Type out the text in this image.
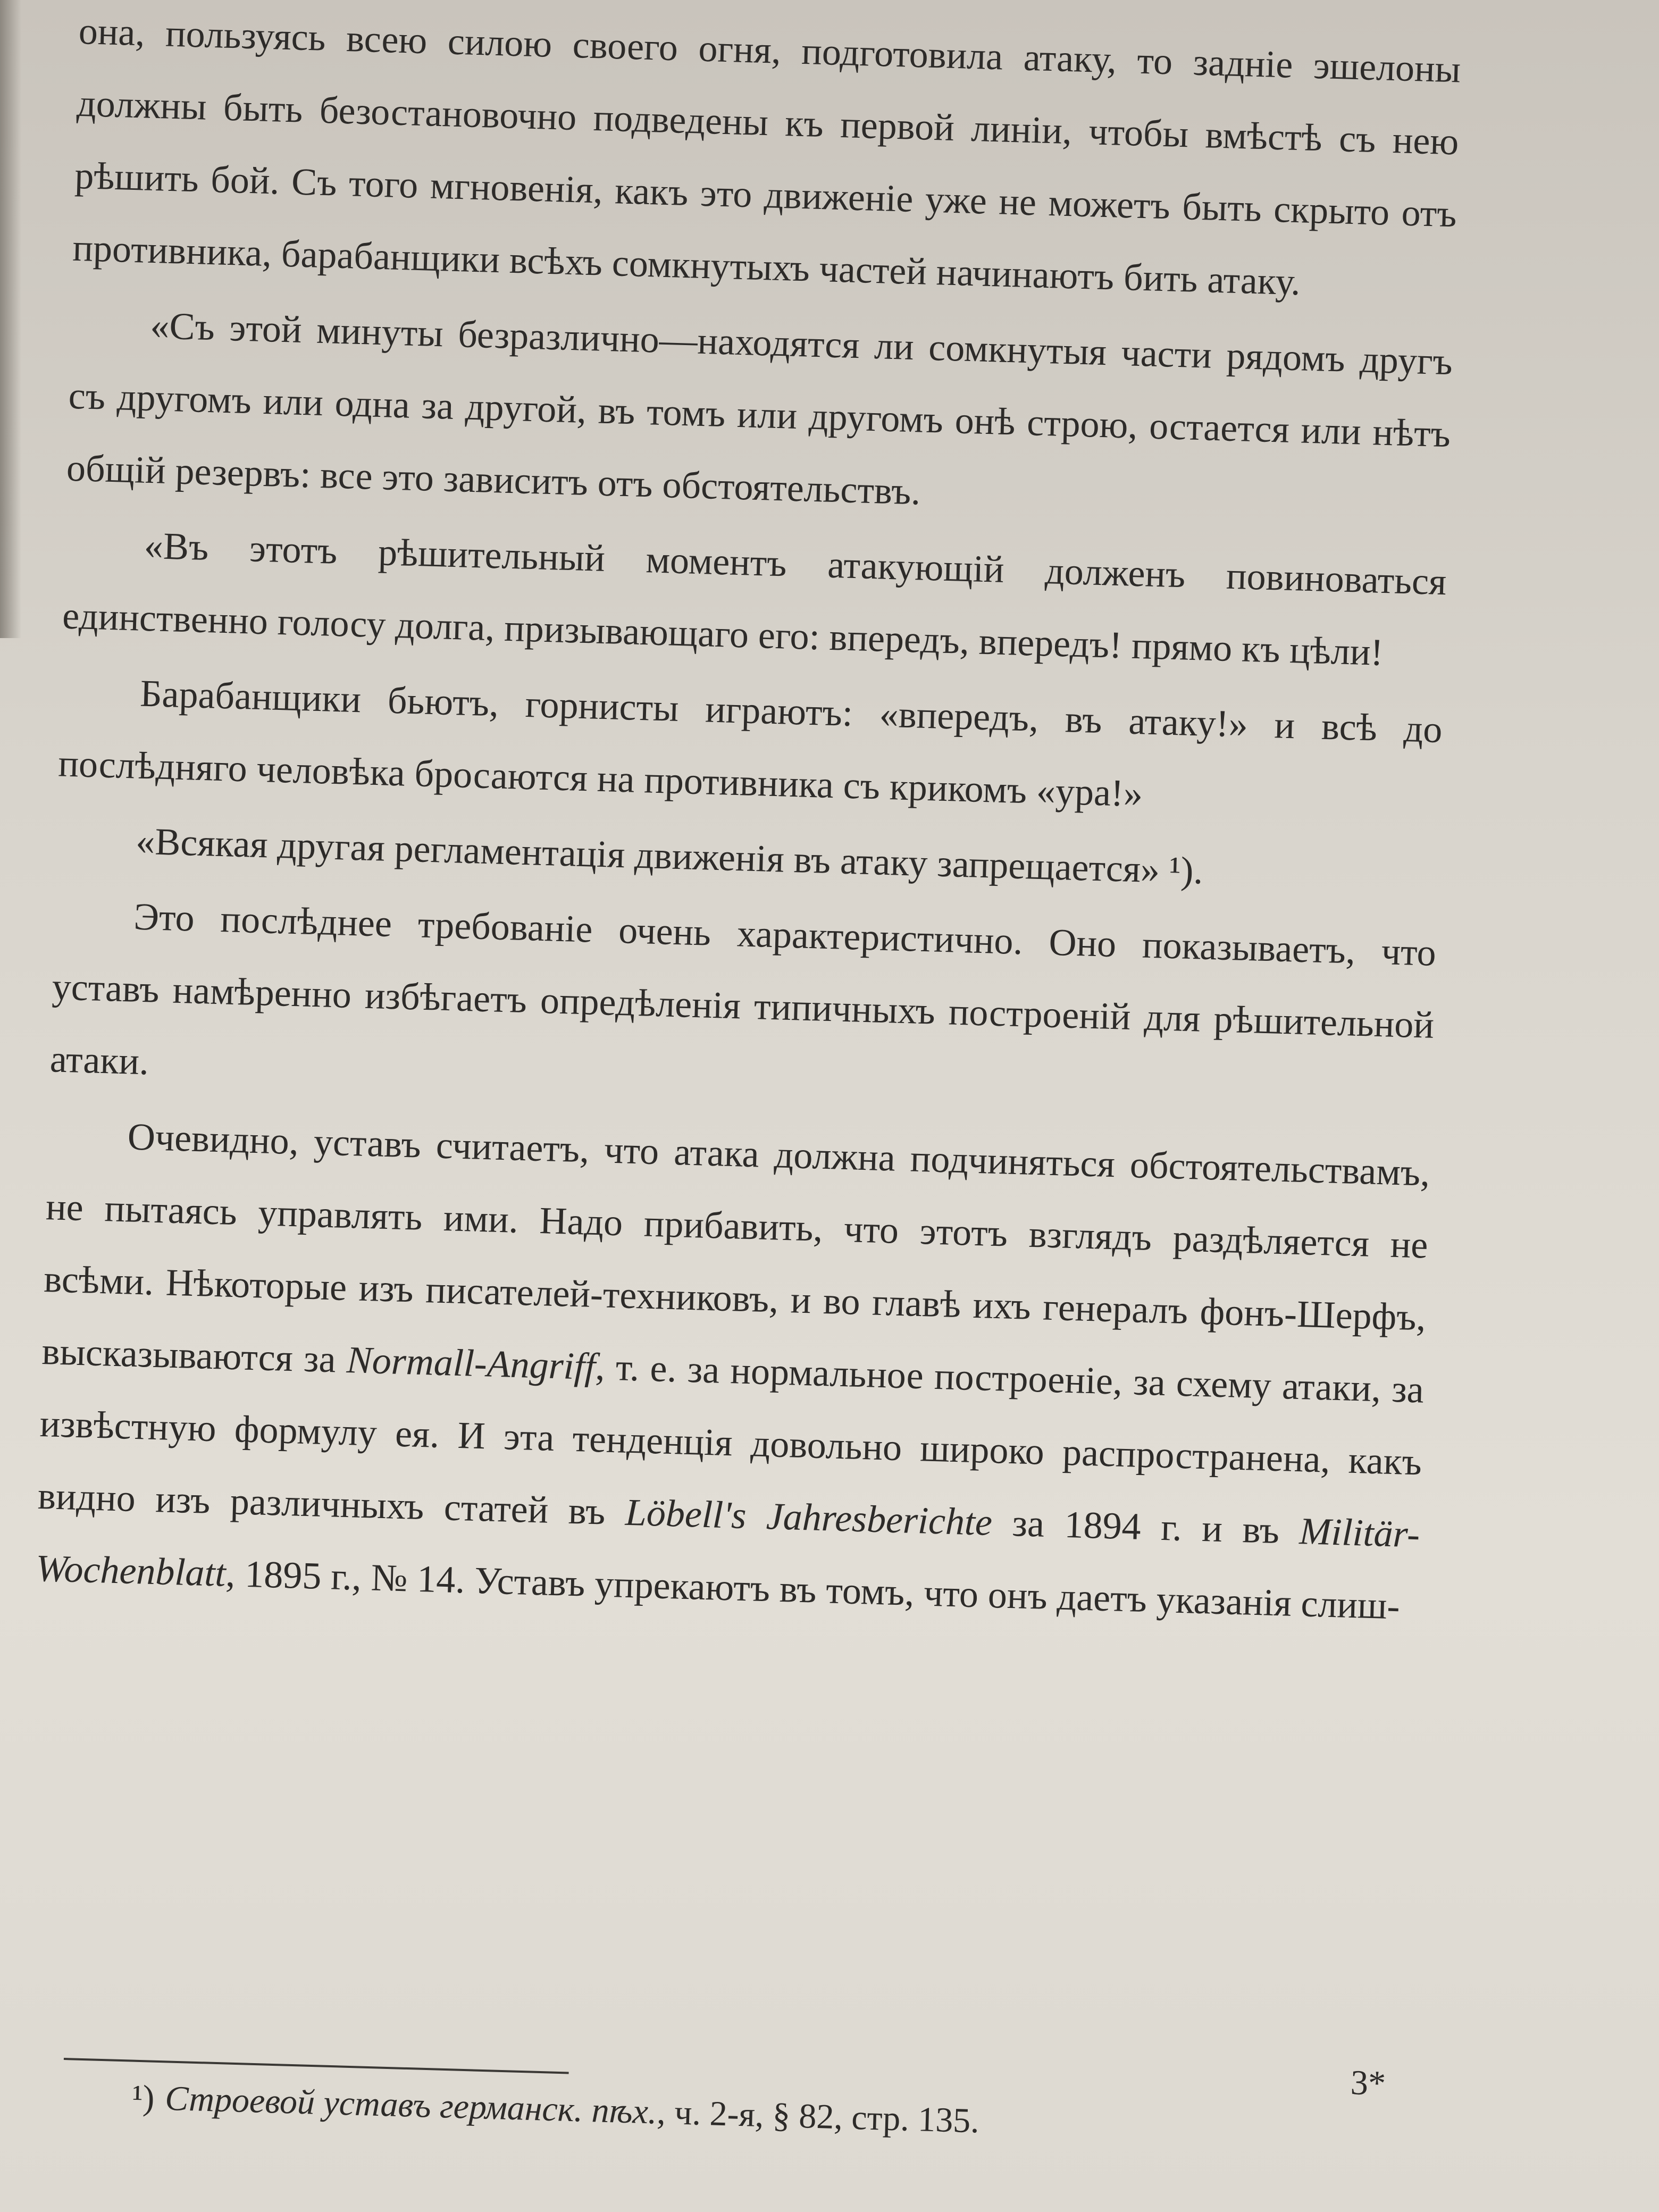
она, пользуясь всею силою своего огня, подготовила атаку, то задніе эшелоны должны быть безостановочно подведены къ первой линіи, чтобы вмѣстѣ съ нею рѣшить бой. Съ того мгновенія, какъ это движеніе уже не можетъ быть скрыто отъ противника, барабанщики всѣхъ сомкнутыхъ частей начинаютъ бить атаку.

«Съ этой минуты безразлично—находятся ли сомкнутыя части рядомъ другъ съ другомъ или одна за другой, въ томъ или другомъ онѣ строю, остается или нѣтъ общій резервъ: все это зависитъ отъ обстоятельствъ.

«Въ этотъ рѣшительный моментъ атакующій долженъ повиноваться единственно голосу долга, призывающаго его: впередъ, впередъ! прямо къ цѣли!

Барабанщики бьютъ, горнисты играютъ: «впередъ, въ атаку!» и всѣ до послѣдняго человѣка бросаются на противника съ крикомъ «ура!»

«Всякая другая регламентація движенія въ атаку запрещается» ¹).

Это послѣднее требованіе очень характеристично. Оно показываетъ, что уставъ намѣренно избѣгаетъ опредѣленія типичныхъ построеній для рѣшительной атаки.

Очевидно, уставъ считаетъ, что атака должна подчиняться обстоятельствамъ, не пытаясь управлять ими. Надо прибавить, что этотъ взглядъ раздѣляется не всѣми. Нѣкоторые изъ писателей-техниковъ, и во главѣ ихъ генералъ фонъ-Шерфъ, высказываются за Normall-Angriff, т. е. за нормальное построеніе, за схему атаки, за извѣстную формулу ея. И эта тенденція довольно широко распространена, какъ видно изъ различныхъ статей въ Löbell's Jahresberichte за 1894 г. и въ Militär-Wochenblatt, 1895 г., № 14. Уставъ упрекаютъ въ томъ, что онъ даетъ указанія слиш-

¹) Строевой уставъ германск. пѣх., ч. 2-я, § 82, стр. 135.
3*
